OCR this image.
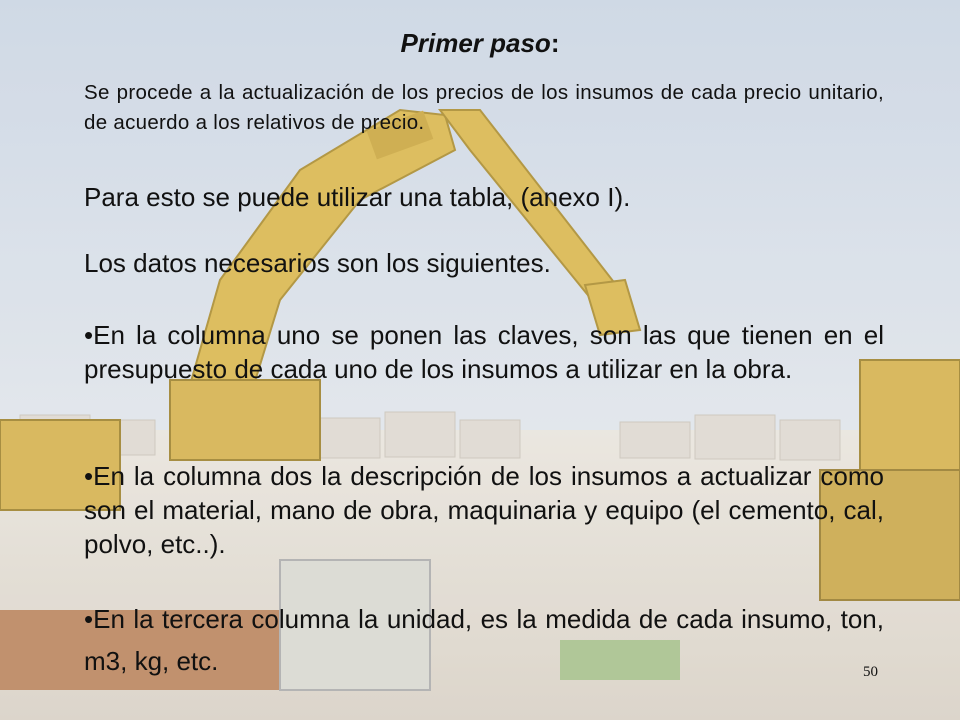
Primer paso:
Se procede a la actualización de los precios de los insumos de cada precio unitario, de acuerdo a los relativos de precio.
Para esto se puede utilizar una tabla, (anexo I).
Los datos necesarios son los siguientes.
•En la columna uno se ponen las claves, son las que tienen en el presupuesto de cada uno de los insumos a utilizar en la obra.
•En la columna dos la descripción de los insumos a actualizar como son el material, mano de obra, maquinaria y equipo (el cemento, cal, polvo, etc..).
•En la tercera columna la unidad, es la medida de cada insumo, ton, m3, kg, etc.	50
